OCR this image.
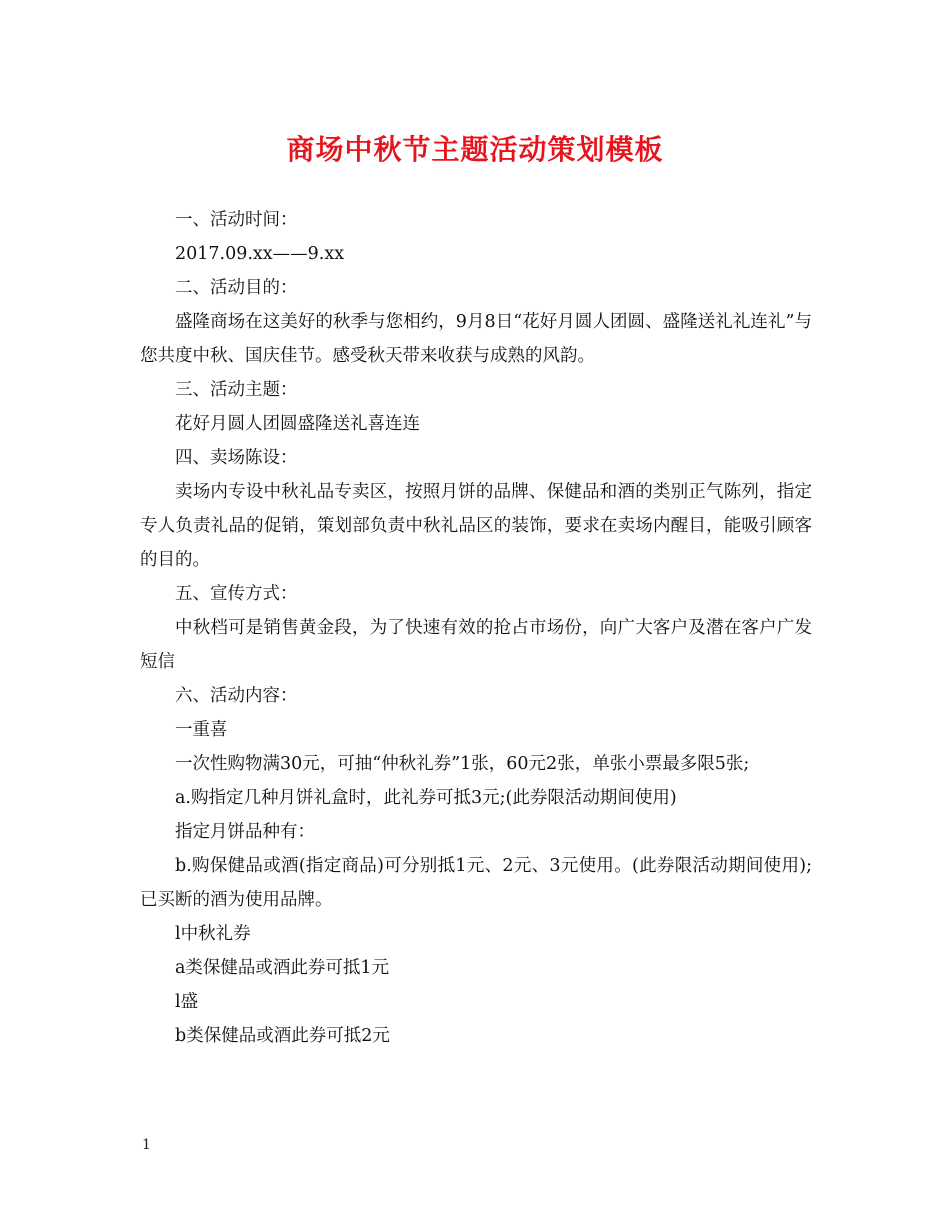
商场中秋节主题活动策划模板

一、活动时间：

2017.09.xx——9.xx

二、活动目的：

盛隆商场在这美好的秋季与您相约，9月8日“花好月圆人团圆、盛隆送礼礼连礼”与您共度中秋、国庆佳节。感受秋天带来收获与成熟的风韵。

三、活动主题：

花好月圆人团圆盛隆送礼喜连连

四、卖场陈设：

卖场内专设中秋礼品专卖区，按照月饼的品牌、保健品和酒的类别正气陈列，指定专人负责礼品的促销，策划部负责中秋礼品区的装饰，要求在卖场内醒目，能吸引顾客的目的。

五、宣传方式：

中秋档可是销售黄金段，为了快速有效的抢占市场份，向广大客户及潜在客户广发短信

六、活动内容：

一重喜

一次性购物满30元，可抽“仲秋礼券”1张，60元2张，单张小票最多限5张;

a.购指定几种月饼礼盒时，此礼券可抵3元;(此券限活动期间使用)

指定月饼品种有：

b.购保健品或酒(指定商品)可分别抵1元、2元、3元使用。(此券限活动期间使用);已买断的酒为使用品牌。

l中秋礼券

a类保健品或酒此券可抵1元

l盛

b类保健品或酒此券可抵2元

1
